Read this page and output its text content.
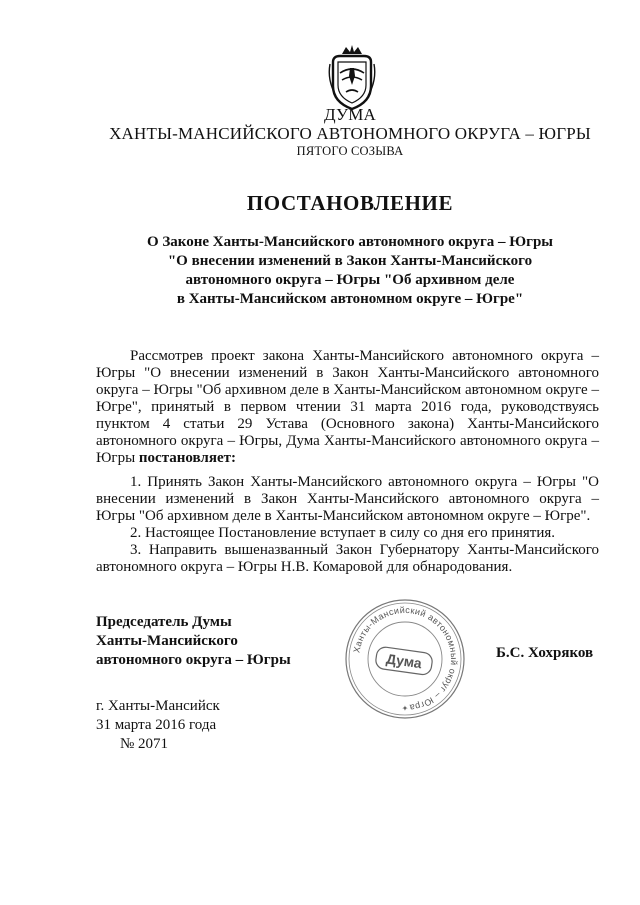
ДУМА
ХАНТЫ-МАНСИЙСКОГО АВТОНОМНОГО ОКРУГА – ЮГРЫ
ПЯТОГО СОЗЫВА
ПОСТАНОВЛЕНИЕ
О Законе Ханты-Мансийского автономного округа – Югры
"О внесении изменений в Закон Ханты-Мансийского
автономного округа – Югры "Об архивном деле
в Ханты-Мансийском автономном округе – Югре"
Рассмотрев проект закона Ханты-Мансийского автономного округа – Югры "О внесении изменений в Закон Ханты-Мансийского автономного округа – Югры "Об архивном деле в Ханты-Мансийском автономном округе – Югре", принятый в первом чтении 31 марта 2016 года, руководствуясь пунктом 4 статьи 29 Устава (Основного закона) Ханты-Мансийского автономного округа – Югры, Дума Ханты-Мансийского автономного округа – Югры постановляет:

1. Принять Закон Ханты-Мансийского автономного округа – Югры "О внесении изменений в Закон Ханты-Мансийского автономного округа – Югры "Об архивном деле в Ханты-Мансийском автономном округе – Югре".

2. Настоящее Постановление вступает в силу со дня его принятия.

3. Направить вышеназванный Закон Губернатору Ханты-Мансийского автономного округа – Югры Н.В. Комаровой для обнародования.

Председатель Думы
Ханты-Мансийского
автономного округа – Югры
Ханты-Мансийский автономный округ – Югра
Дума
✦
Б.С. Хохряков
г. Ханты-Мансийск
31 марта 2016 года
№ 2071
